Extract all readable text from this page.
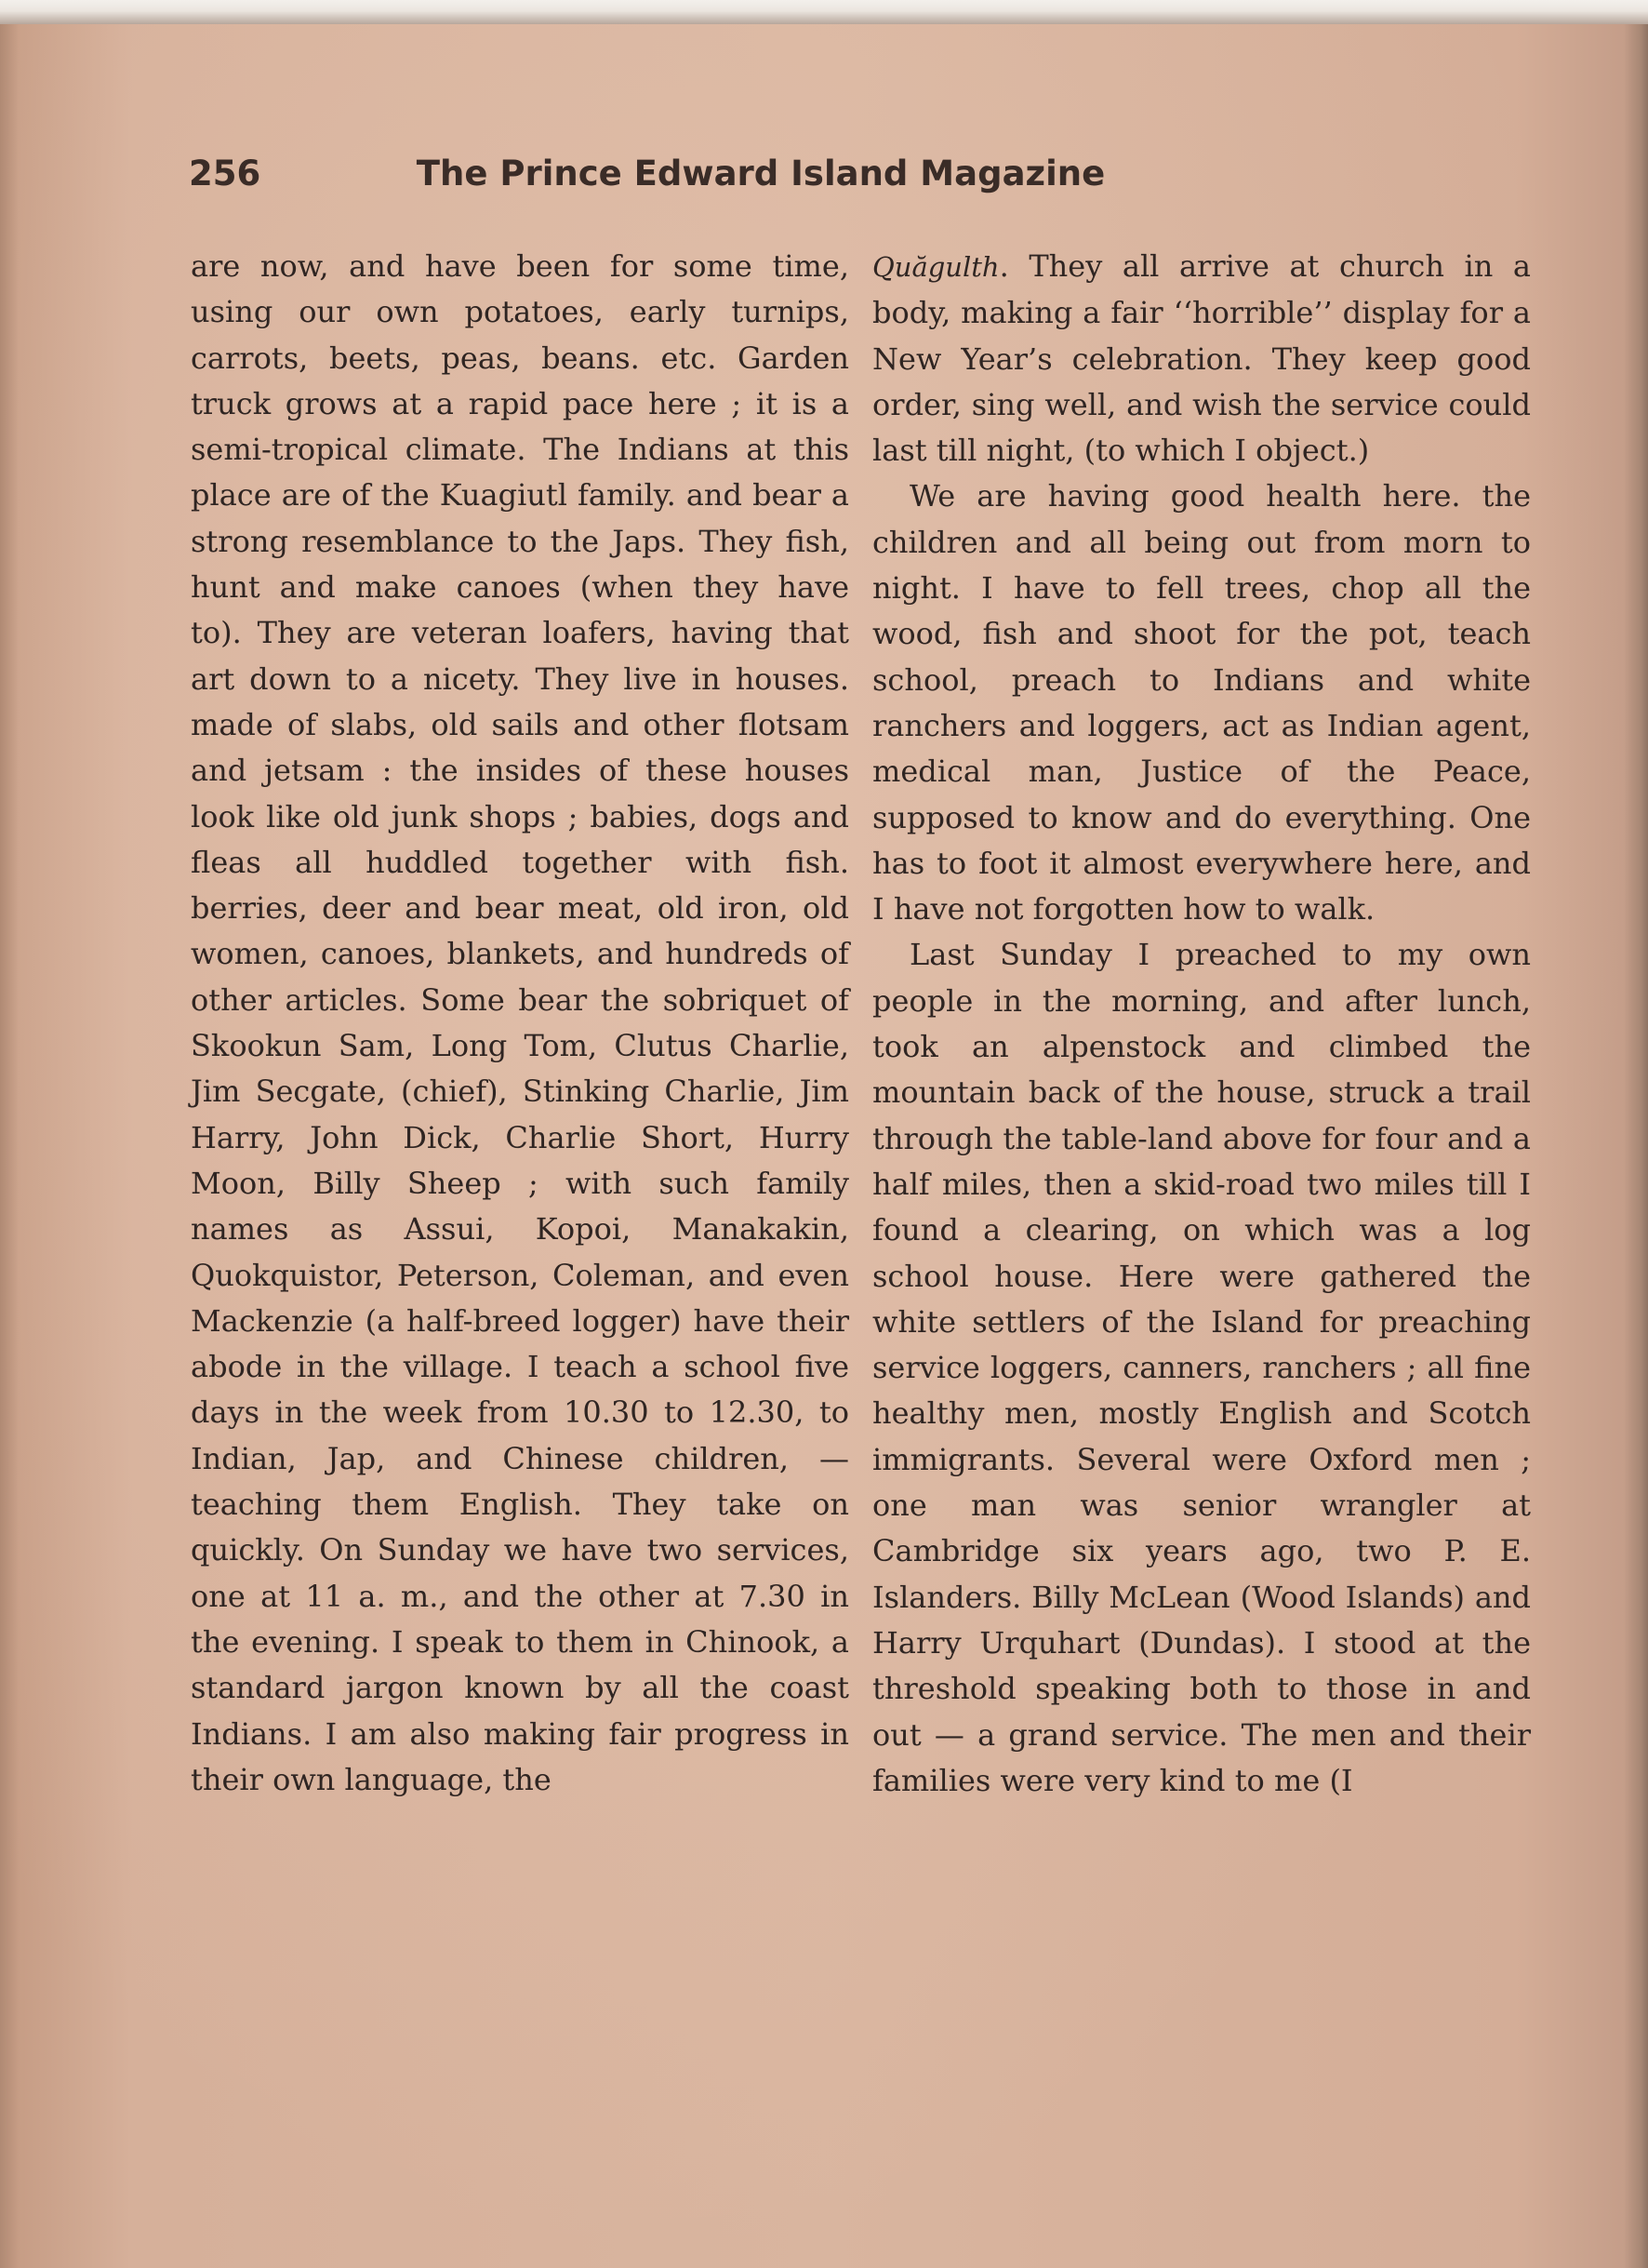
256	The Prince Edward Island Magazine

are now, and have been for some time, using our own potatoes, early turnips, carrots, beets, peas, beans. etc. Garden truck grows at a rapid pace here ; it is a semi-tropical climate. The Indians at this place are of the Kuagiutl family. and bear a strong resemblance to the Japs. They fish, hunt and make canoes (when they have to). They are veteran loafers, having that art down to a nicety. They live in houses. made of slabs, old sails and other flotsam and jetsam : the insides of these houses look like old junk shops ; babies, dogs and fleas all huddled together with fish. berries, deer and bear meat, old iron, old women, canoes, blankets, and hundreds of other articles. Some bear the sobriquet of Skookun Sam, Long Tom, Clutus Charlie, Jim Secgate, (chief), Stinking Charlie, Jim Harry, John Dick, Charlie Short, Hurry Moon, Billy Sheep ; with such family names as Assui, Kopoi, Manakakin, Quokquistor, Peterson, Coleman, and even Mackenzie (a half-breed logger) have their abode in the village. I teach a school five days in the week from 10.30 to 12.30, to Indian, Jap, and Chinese children, — teaching them English. They take on quickly. On Sunday we have two services, one at 11 a. m., and the other at 7.30 in the evening. I speak to them in Chinook, a standard jargon known by all the coast Indians. I am also making fair progress in their own language, the

Quăgulth. They all arrive at church in a body, making a fair ‘‘horrible’’ display for a New Year’s celebration. They keep good order, sing well, and wish the service could last till night, (to which I object.)

We are having good health here. the children and all being out from morn to night. I have to fell trees, chop all the wood, fish and shoot for the pot, teach school, preach to Indians and white ranchers and loggers, act as Indian agent, medical man, Justice of the Peace, supposed to know and do everything. One has to foot it almost everywhere here, and I have not forgotten how to walk.

Last Sunday I preached to my own people in the morning, and after lunch, took an alpenstock and climbed the mountain back of the house, struck a trail through the table-land above for four and a half miles, then a skid-road two miles till I found a clearing, on which was a log school house. Here were gathered the white settlers of the Island for preaching service loggers, canners, ranchers ; all fine healthy men, mostly English and Scotch immigrants. Several were Oxford men ; one man was senior wrangler at Cambridge six years ago, two P. E. Islanders. Billy McLean (Wood Islands) and Harry Urquhart (Dundas). I stood at the threshold speaking both to those in and out — a grand service. The men and their families were very kind to me (I
